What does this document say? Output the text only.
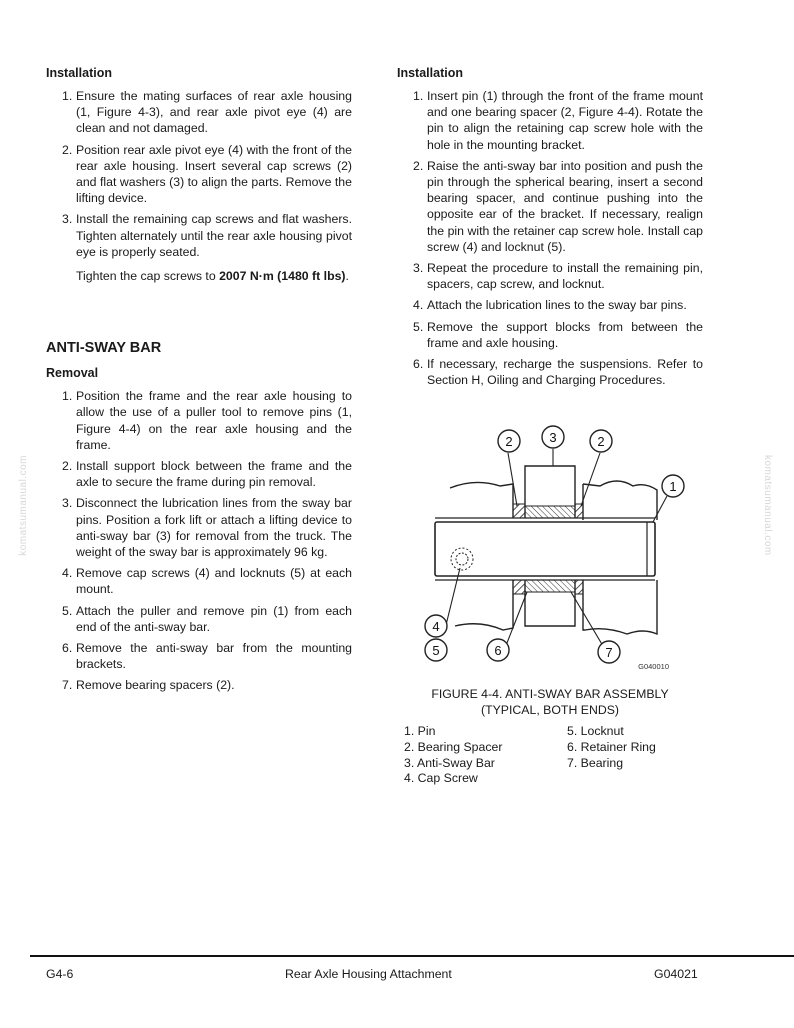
Installation
1. Ensure the mating surfaces of rear axle housing (1, Figure 4-3), and rear axle pivot eye (4) are clean and not damaged.
2. Position rear axle pivot eye (4) with the front of the rear axle housing. Insert several cap screws (2) and flat washers (3) to align the parts. Remove the lifting device.
3. Install the remaining cap screws and flat washers. Tighten alternately until the rear axle housing pivot eye is properly seated.

Tighten the cap screws to 2007 N·m (1480 ft lbs).

ANTI-SWAY BAR
Removal
1. Position the frame and the rear axle housing to allow the use of a puller tool to remove pins (1, Figure 4-4) on the rear axle housing and the frame.
2. Install support block between the frame and the axle to secure the frame during pin removal.
3. Disconnect the lubrication lines from the sway bar pins. Position a fork lift or attach a lifting device to anti-sway bar (3) for removal from the truck. The weight of the sway bar is approximately 96 kg.
4. Remove cap screws (4) and locknuts (5) at each mount.
5. Attach the puller and remove pin (1) from each end of the anti-sway bar.
6. Remove the anti-sway bar from the mounting brackets.
7. Remove bearing spacers (2).
Installation
1. Insert pin (1) through the front of the frame mount and one bearing spacer (2, Figure 4-4). Rotate the pin to align the retaining cap screw hole with the hole in the mounting bracket.
2. Raise the anti-sway bar into position and push the pin through the spherical bearing, insert a second bearing spacer, and continue pushing into the opposite ear of the bracket. If necessary, realign the pin with the retainer cap screw hole. Install cap screw (4) and locknut (5).
3. Repeat the procedure to install the remaining pin, spacers, cap screw, and locknut.
4. Attach the lubrication lines to the sway bar pins.
5. Remove the support blocks from between the frame and axle housing.
6. If necessary, recharge the suspensions. Refer to Section H, Oiling and Charging Procedures.
komatsumanual.com	komatsumanual.com
2	3	2
1
4
5	6	7
G040010
FIGURE 4-4. ANTI-SWAY BAR ASSEMBLY
(TYPICAL, BOTH ENDS)
1. Pin
2. Bearing Spacer
3. Anti-Sway Bar
4. Cap Screw
5. Locknut
6. Retainer Ring
7. Bearing
G4-6	Rear Axle Housing Attachment	G04021
